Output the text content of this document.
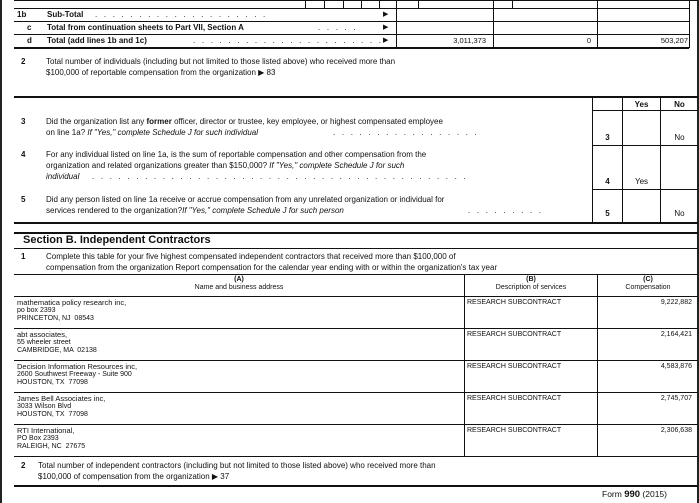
1b	Sub-Total . . . . . . . . . . . . . . . . . . . .	▶
c Total from continuation sheets to Part VII, Section A	. . . . .	▶
d Total (add lines 1b and 1c)	. . . . . . . . . . . . . . . . . . . . . . ▶	3,011,373	0	503,207
2	Total number of individuals (including but not limited to those listed above) who received more than
$100,000 of reportable compensation from the organization ▶ 83
Yes	No
3	Did the organization list any former officer, director or trustee, key employee, or highest compensated employee
on line 1a? If "Yes," complete Schedule J for such individual	. . . . . . . . . . . . . . . . .
3	No
4	For any individual listed on line 1a, is the sum of reportable compensation and other compensation from the
organization and related organizations greater than $150,000? If "Yes," complete Schedule J for such
individual . . . . . . . . . . . . . . . . . . . . . . . . . . . . . . . . . . . . . . . . . . .
4	Yes
5	Did any person listed on line 1a receive or accrue compensation from any unrelated organization or individual for
services rendered to the organization?If "Yes," complete Schedule J for such person	. . . . . . . . .	5	No
Section B. Independent Contractors
1	Complete this table for your five highest compensated independent contractors that received more than $100,000 of
compensation from the organization Report compensation for the calendar year ending with or within the organization's tax year
(A)
Name and business address
(B)
Description of services
(C)
Compensation
mathematica policy research inc,
po box 2393
PRINCETON, NJ  08543
RESEARCH SUBCONTRACT	9,222,882
abt associates,
55 wheeler street
CAMBRIDGE, MA  02138
RESEARCH SUBCONTRACT	2,164,421
Decision Information Resources inc,
2600 Southwest Freeway - Suite 900
HOUSTON, TX  77098
RESEARCH SUBCONTRACT	4,583,876
James Bell Associates inc,
3033 Wilson Blvd
HOUSTON, TX  77098
RESEARCH SUBCONTRACT	2,745,707
RTI International,
PO Box 2393
RALEIGH, NC  27675
RESEARCH SUBCONTRACT	2,306,638
2 Total number of independent contractors (including but not limited to those listed above) who received more than
$100,000 of compensation from the organization ▶ 37
Form 990 (2015)
